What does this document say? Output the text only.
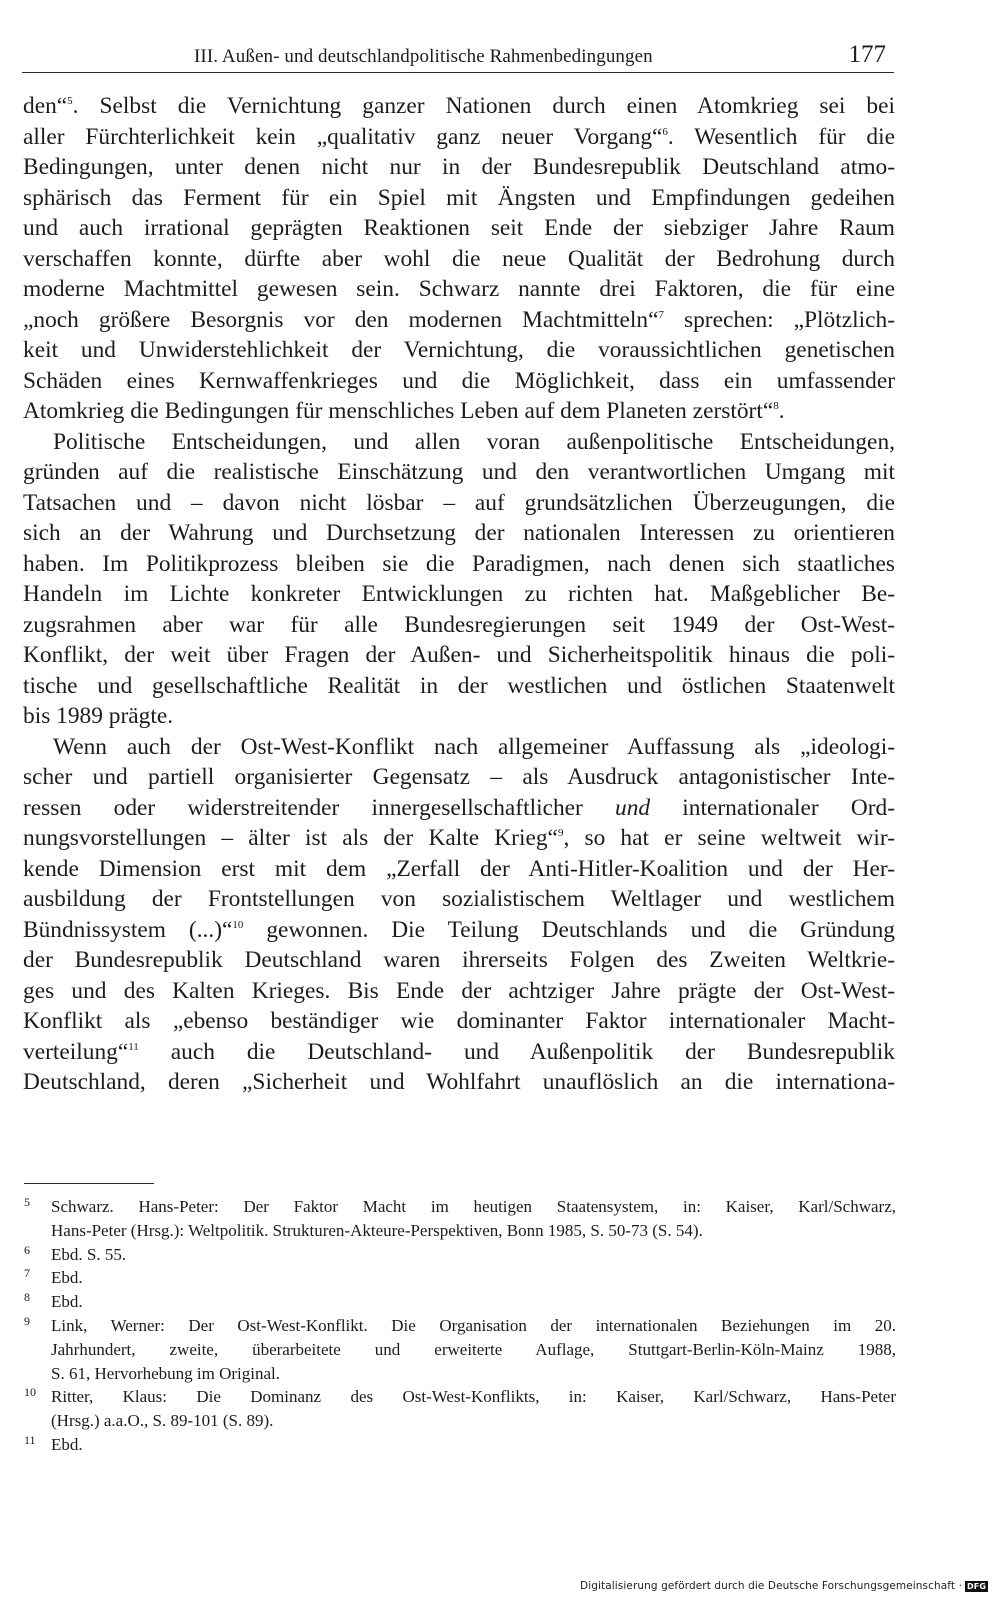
III. Außen- und deutschlandpolitische Rahmenbedingungen	177
den“$^5$. Selbst die Vernichtung ganzer Nationen durch einen Atomkrieg sei bei
aller Fürchterlichkeit kein „qualitativ ganz neuer Vorgang“$^6$. Wesentlich für die
Bedingungen, unter denen nicht nur in der Bundesrepublik Deutschland atmo-
sphärisch das Ferment für ein Spiel mit Ängsten und Empfindungen gedeihen
und auch irrational geprägten Reaktionen seit Ende der siebziger Jahre Raum
verschaffen konnte, dürfte aber wohl die neue Qualität der Bedrohung durch
moderne Machtmittel gewesen sein. Schwarz nannte drei Faktoren, die für eine
„noch größere Besorgnis vor den modernen Machtmitteln“$^7$ sprechen: „Plötzlich-
keit und Unwiderstehlichkeit der Vernichtung, die voraussichtlichen genetischen
Schäden eines Kernwaffenkrieges und die Möglichkeit, dass ein umfassender
Atomkrieg die Bedingungen für menschliches Leben auf dem Planeten zerstört“$^8$.
Politische Entscheidungen, und allen voran außenpolitische Entscheidungen,
gründen auf die realistische Einschätzung und den verantwortlichen Umgang mit
Tatsachen und – davon nicht lösbar – auf grundsätzlichen Überzeugungen, die
sich an der Wahrung und Durchsetzung der nationalen Interessen zu orientieren
haben. Im Politikprozess bleiben sie die Paradigmen, nach denen sich staatliches
Handeln im Lichte konkreter Entwicklungen zu richten hat. Maßgeblicher Be-
zugsrahmen aber war für alle Bundesregierungen seit 1949 der Ost-West-
Konflikt, der weit über Fragen der Außen- und Sicherheitspolitik hinaus die poli-
tische und gesellschaftliche Realität in der westlichen und östlichen Staatenwelt
bis 1989 prägte.
Wenn auch der Ost-West-Konflikt nach allgemeiner Auffassung als „ideologi-
scher und partiell organisierter Gegensatz – als Ausdruck antagonistischer Inte-
ressen oder widerstreitender innergesellschaftlicher und internationaler Ord-
nungsvorstellungen – älter ist als der Kalte Krieg“$^9$, so hat er seine weltweit wir-
kende Dimension erst mit dem „Zerfall der Anti-Hitler-Koalition und der Her-
ausbildung der Frontstellungen von sozialistischem Weltlager und westlichem
Bündnissystem (...)“$^{10}$ gewonnen. Die Teilung Deutschlands und die Gründung
der Bundesrepublik Deutschland waren ihrerseits Folgen des Zweiten Weltkrie-
ges und des Kalten Krieges. Bis Ende der achtziger Jahre prägte der Ost-West-
Konflikt als „ebenso beständiger wie dominanter Faktor internationaler Macht-
verteilung“$^{11}$ auch die Deutschland- und Außenpolitik der Bundesrepublik
Deutschland, deren „Sicherheit und Wohlfahrt unauflöslich an die internationa-
5 Schwarz. Hans-Peter: Der Faktor Macht im heutigen Staatensystem, in: Kaiser, Karl/Schwarz,
Hans-Peter (Hrsg.): Weltpolitik. Strukturen-Akteure-Perspektiven, Bonn 1985, S. 50-73 (S. 54).
6 Ebd. S. 55.
7 Ebd.
8 Ebd.
9 Link, Werner: Der Ost-West-Konflikt. Die Organisation der internationalen Beziehungen im 20.
Jahrhundert, zweite, überarbeitete und erweiterte Auflage, Stuttgart-Berlin-Köln-Mainz 1988,
S. 61, Hervorhebung im Original.
10 Ritter, Klaus: Die Dominanz des Ost-West-Konflikts, in: Kaiser, Karl/Schwarz, Hans-Peter
(Hrsg.) a.a.O., S. 89-101 (S. 89).
11 Ebd.
Digitalisierung gefördert durch die Deutsche Forschungsgemeinschaft · DFG
